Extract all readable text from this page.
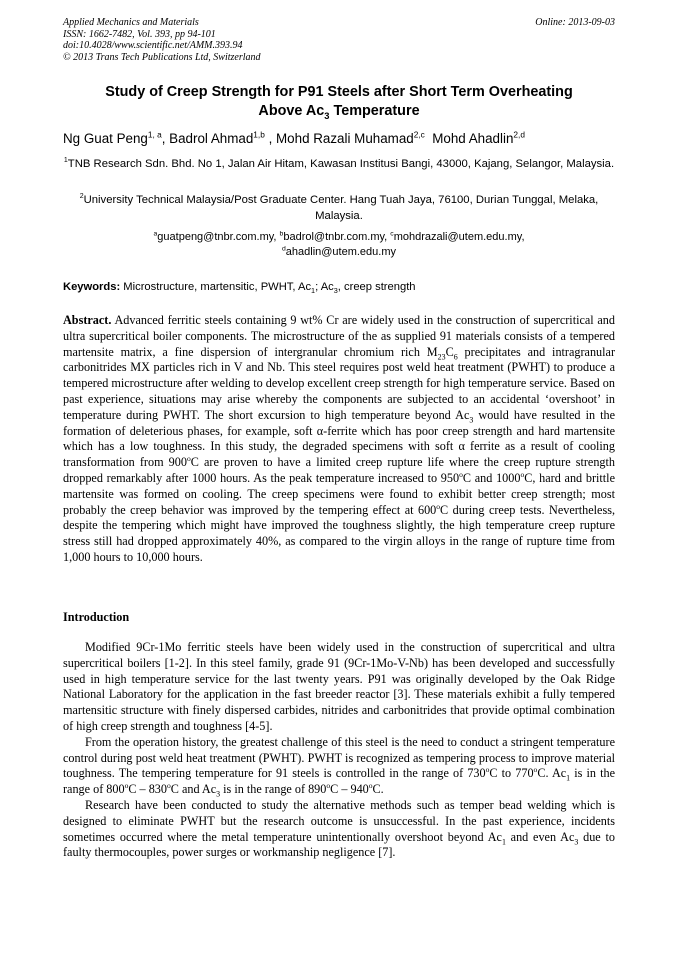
Applied Mechanics and Materials
ISSN: 1662-7482, Vol. 393, pp 94-101
doi:10.4028/www.scientific.net/AMM.393.94
© 2013 Trans Tech Publications Ltd, Switzerland
Online: 2013-09-03
Study of Creep Strength for P91 Steels after Short Term Overheating
Above $Ac_3$ Temperature
Ng Guat Peng$^{1, a}$, Badrol Ahmad$^{1,b}$ , Mohd Razali Muhamad$^{2,c}$ Mohd Ahadlin$^{2,d}$
$^1$TNB Research Sdn. Bhd. No 1, Jalan Air Hitam, Kawasan Institusi Bangi, 43000, Kajang, Selangor, Malaysia.
$^2$University Technical Malaysia/Post Graduate Center. Hang Tuah Jaya, 76100, Durian Tunggal, Melaka, Malaysia.
$^a$guatpeng@tnbr.com.my, $^b$badrol@tnbr.com.my, $^c$mohdrazali@utem.edu.my,
$^d$ahadlin@utem.edu.my
Keywords: Microstructure, martensitic, PWHT, $Ac_1$; $Ac_3$, creep strength
Abstract. Advanced ferritic steels containing 9 wt% Cr are widely used in the construction of supercritical and ultra supercritical boiler components. The microstructure of the as supplied 91 materials consists of a tempered martensite matrix, a fine dispersion of intergranular chromium rich $M_{23}C_6$ precipitates and intragranular carbonitrides MX particles rich in V and Nb. This steel requires post weld heat treatment (PWHT) to produce a tempered microstructure after welding to develop excellent creep strength for high temperature service. Based on past experience, situations may arise whereby the components are subjected to an accidental ‘overshoot’ in temperature during PWHT. The short excursion to high temperature beyond $Ac_3$ would have resulted in the formation of deleterious phases, for example, soft α-ferrite which has poor creep strength and hard martensite which has a low toughness. In this study, the degraded specimens with soft α ferrite as a result of cooling transformation from 900$^o$C are proven to have a limited creep rupture life where the creep rupture strength dropped remarkably after 1000 hours. As the peak temperature increased to 950$^o$C and 1000$^o$C, hard and brittle martensite was formed on cooling. The creep specimens were found to exhibit better creep strength; most probably the creep behavior was improved by the tempering effect at 600$^o$C during creep tests. Nevertheless, despite the tempering which might have improved the toughness slightly, the high temperature creep rupture stress still had dropped approximately 40%, as compared to the virgin alloys in the range of rupture time from 1,000 hours to 10,000 hours.
Introduction

Modified 9Cr-1Mo ferritic steels have been widely used in the construction of supercritical and ultra supercritical boilers [1-2]. In this steel family, grade 91 (9Cr-1Mo-V-Nb) has been developed and successfully used in high temperature service for the last twenty years. P91 was originally developed by the Oak Ridge National Laboratory for the application in the fast breeder reactor [3]. These materials exhibit a fully tempered martensitic structure with finely dispersed carbides, nitrides and carbonitrides that provide optimal combination of high creep strength and toughness [4-5].

From the operation history, the greatest challenge of this steel is the need to conduct a stringent temperature control during post weld heat treatment (PWHT). PWHT is recognized as tempering process to improve material toughness. The tempering temperature for 91 steels is controlled in the range of 730$^o$C to 770$^o$C. $Ac_1$ is in the range of 800$^o$C – 830$^o$C and $Ac_3$ is in the range of 890$^o$C – 940$^o$C.

Research have been conducted to study the alternative methods such as temper bead welding which is designed to eliminate PWHT but the research outcome is unsuccessful. In the past experience, incidents sometimes occurred where the metal temperature unintentionally overshoot beyond $Ac_1$ and even $Ac_3$ due to faulty thermocouples, power surges or workmanship negligence [7].
